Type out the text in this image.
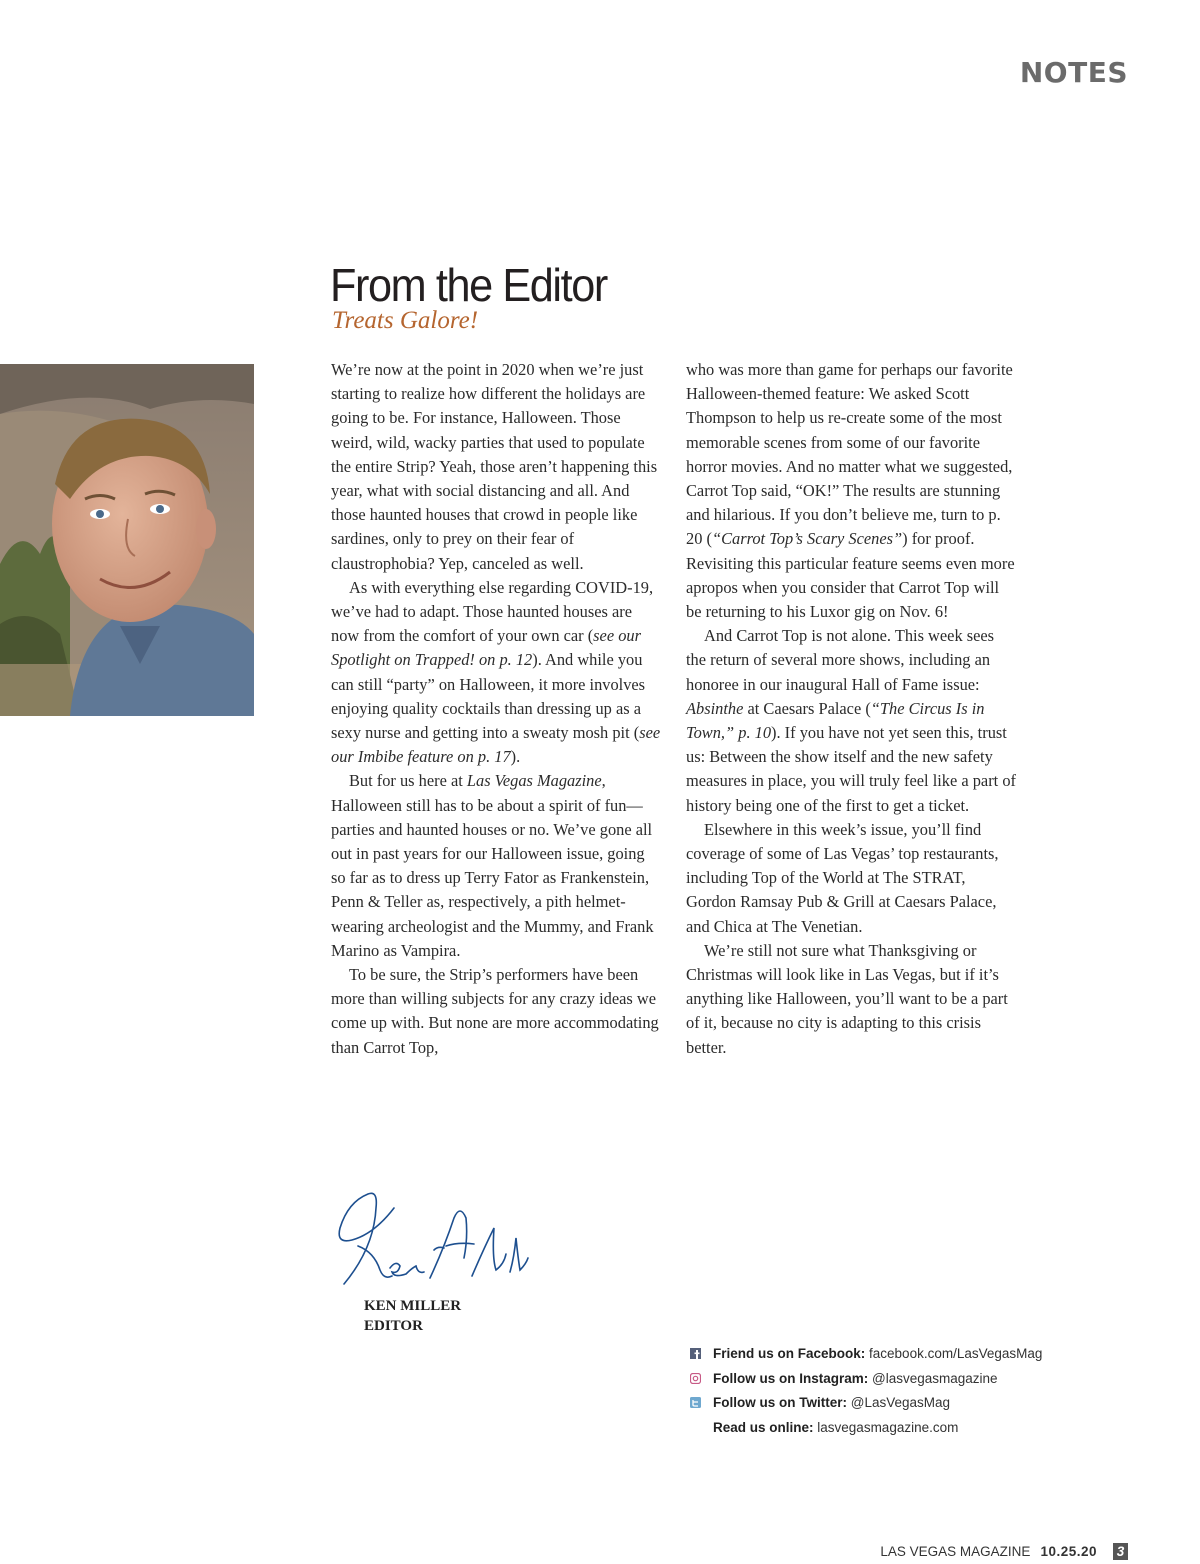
NOTES
From the Editor
Treats Galore!

We’re now at the point in 2020 when we’re just starting to realize how different the holidays are going to be. For instance, Halloween. Those weird, wild, wacky parties that used to populate the entire Strip? Yeah, those aren’t happening this year, what with social distancing and all. And those haunted houses that crowd in people like sardines, only to prey on their fear of claustrophobia? Yep, canceled as well.

As with everything else regarding COVID-19, we’ve had to adapt. Those haunted houses are now from the comfort of your own car (see our Spotlight on Trapped! on p. 12). And while you can still “party” on Halloween, it more involves enjoying quality cocktails than dressing up as a sexy nurse and getting into a sweaty mosh pit (see our Imbibe feature on p. 17).

But for us here at Las Vegas Magazine, Halloween still has to be about a spirit of fun—parties and haunted houses or no. We’ve gone all out in past years for our Halloween issue, going so far as to dress up Terry Fator as Frankenstein, Penn & Teller as, respectively, a pith helmet-wearing archeologist and the Mummy, and Frank Marino as Vampira.

To be sure, the Strip’s performers have been more than willing subjects for any crazy ideas we come up with. But none are more accommodating than Carrot Top,

who was more than game for perhaps our favorite Halloween-themed feature: We asked Scott Thompson to help us re-create some of the most memorable scenes from some of our favorite horror movies. And no matter what we suggested, Carrot Top said, “OK!” The results are stunning and hilarious. If you don’t believe me, turn to p. 20 (“Carrot Top’s Scary Scenes”) for proof. Revisiting this particular feature seems even more apropos when you consider that Carrot Top will be returning to his Luxor gig on Nov. 6!

And Carrot Top is not alone. This week sees the return of several more shows, including an honoree in our inaugural Hall of Fame issue: Absinthe at Caesars Palace (“The Circus Is in Town,” p. 10). If you have not yet seen this, trust us: Between the show itself and the new safety measures in place, you will truly feel like a part of history being one of the first to get a ticket.

Elsewhere in this week’s issue, you’ll find coverage of some of Las Vegas’ top restaurants, including Top of the World at The STRAT, Gordon Ramsay Pub & Grill at Caesars Palace, and Chica at The Venetian.

We’re still not sure what Thanksgiving or Christmas will look like in Las Vegas, but if it’s anything like Halloween, you’ll want to be a part of it, because no city is adapting to this crisis better.

KEN MILLER
EDITOR
Friend us on Facebook: facebook.com/LasVegasMag
Follow us on Instagram: @lasvegasmagazine
Follow us on Twitter: @LasVegasMag
Read us online: lasvegasmagazine.com
LAS VEGAS MAGAZINE 10.25.20 3
